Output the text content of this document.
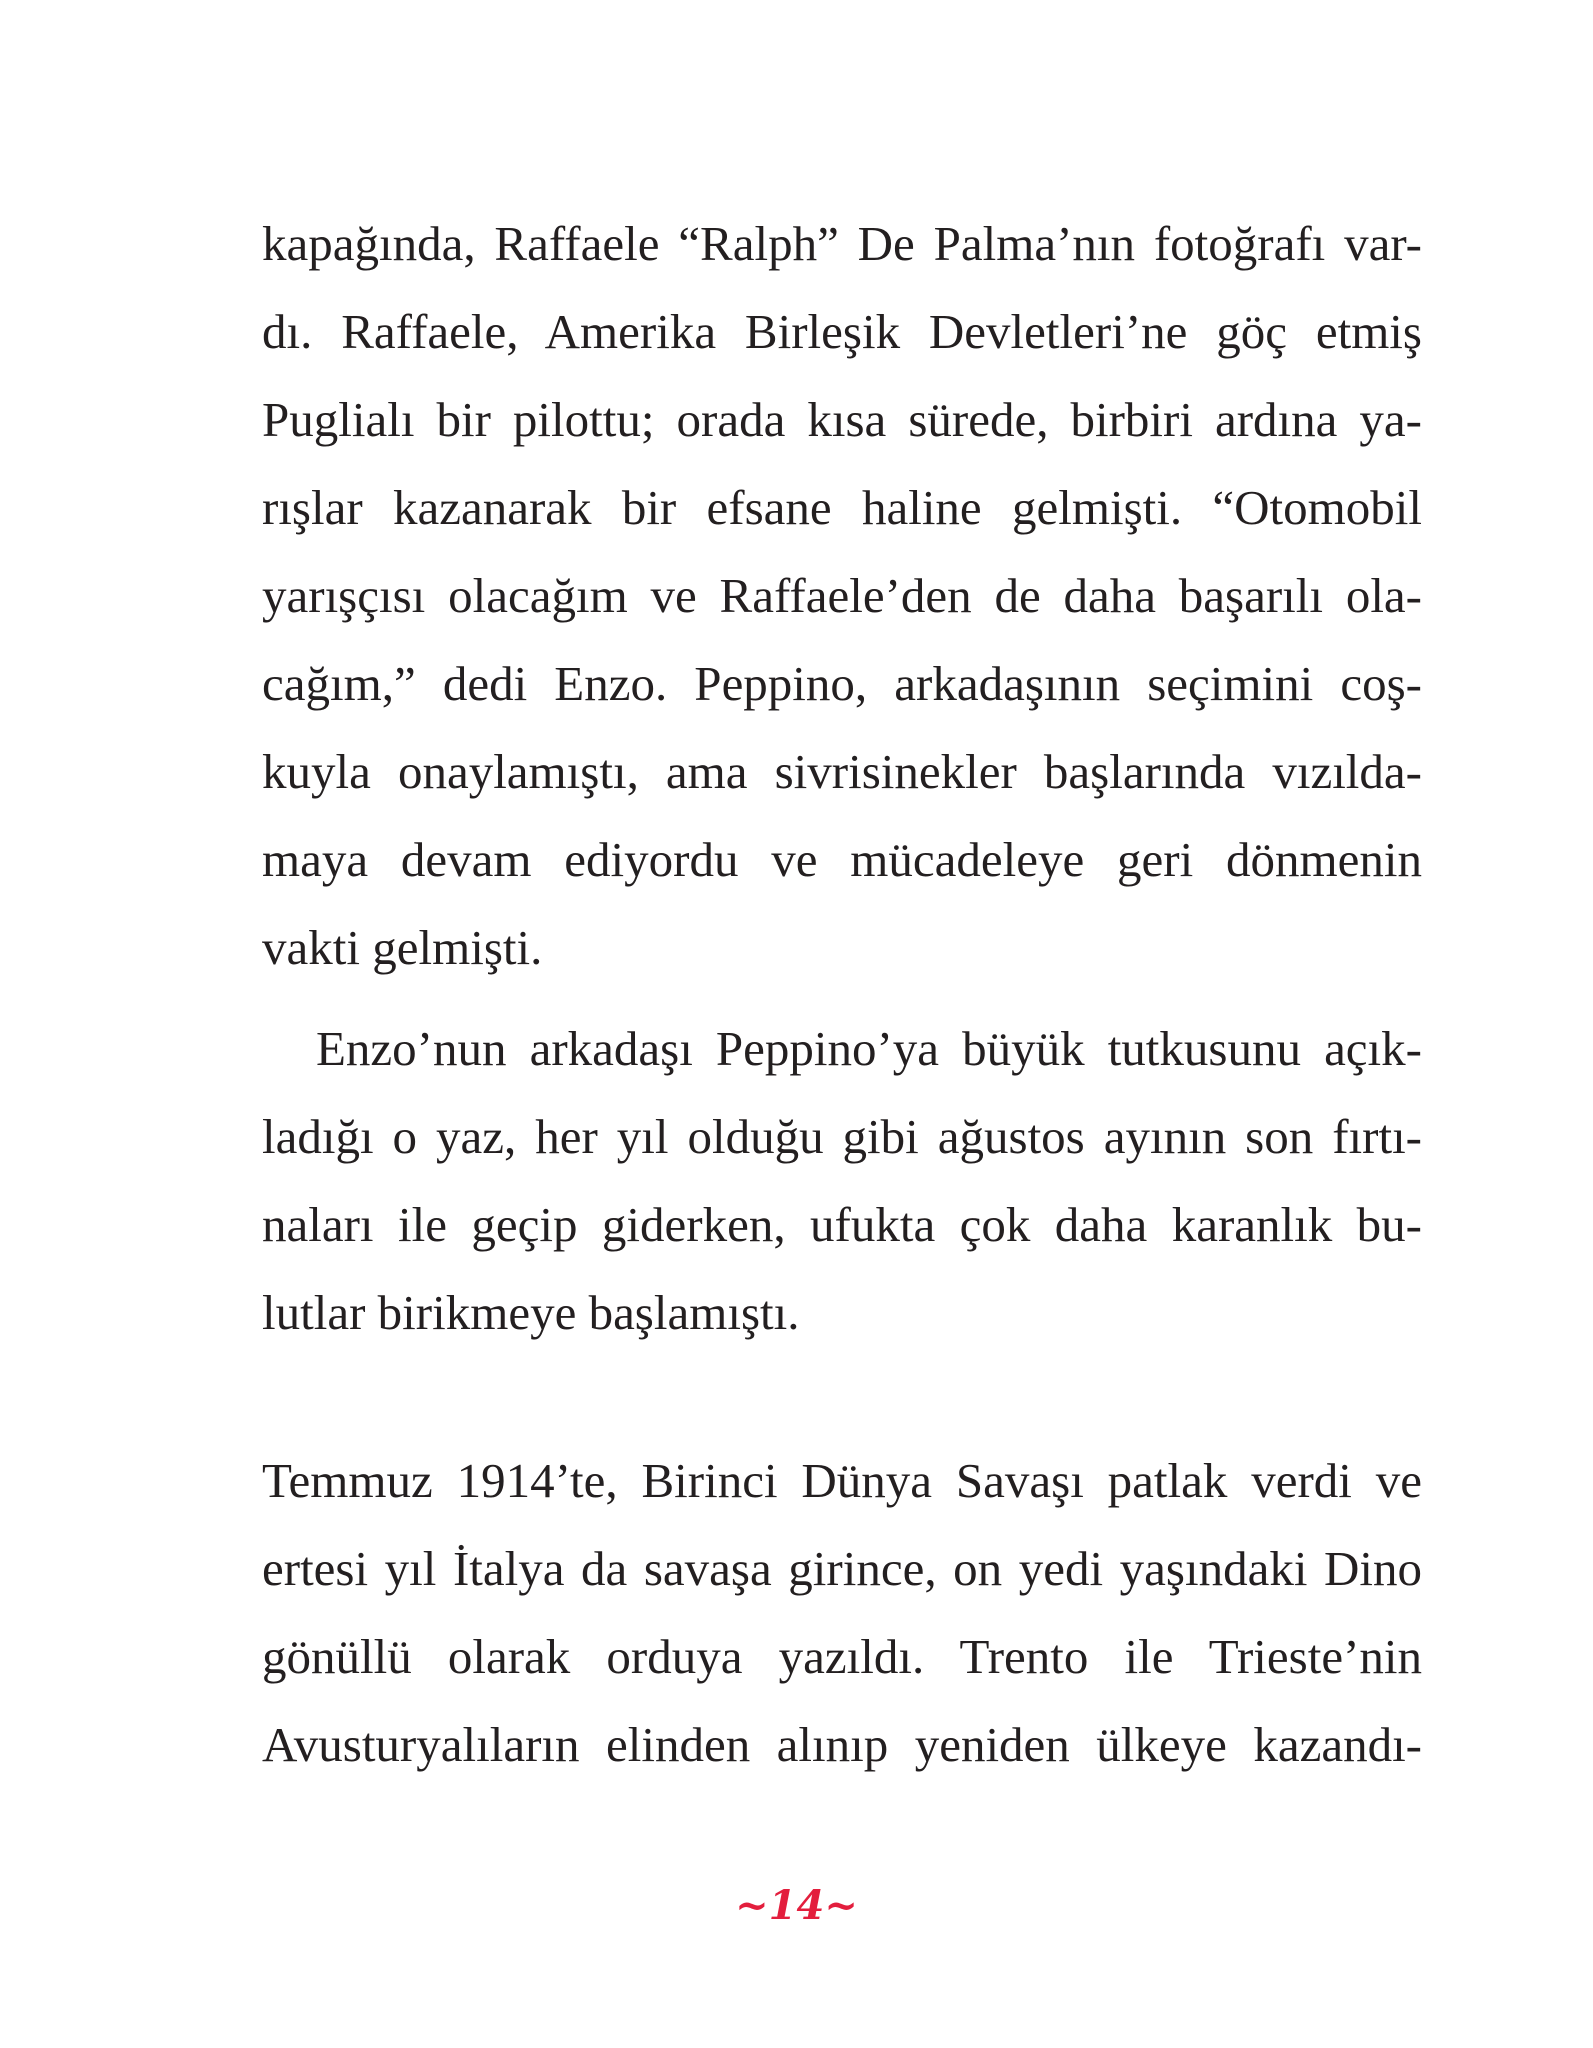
kapağında, Raffaele “Ralph” De Palma’nın fotoğrafı var-
dı. Raffaele, Amerika Birleşik Devletleri’ne göç etmiş
Puglialı bir pilottu; orada kısa sürede, birbiri ardına ya-
rışlar kazanarak bir efsane haline gelmişti. “Otomobil
yarışçısı olacağım ve Raffaele’den de daha başarılı ola-
cağım,” dedi Enzo. Peppino, arkadaşının seçimini coş-
kuyla onaylamıştı, ama sivrisinekler başlarında vızılda-
maya devam ediyordu ve mücadeleye geri dönmenin
vakti gelmişti.
Enzo’nun arkadaşı Peppino’ya büyük tutkusunu açık-
ladığı o yaz, her yıl olduğu gibi ağustos ayının son fırtı-
naları ile geçip giderken, ufukta çok daha karanlık bu-
lutlar birikmeye başlamıştı.
Temmuz 1914’te, Birinci Dünya Savaşı patlak verdi ve
ertesi yıl İtalya da savaşa girince, on yedi yaşındaki Dino
gönüllü olarak orduya yazıldı. Trento ile Trieste’nin
Avusturyalıların elinden alınıp yeniden ülkeye kazandı-
~14~
